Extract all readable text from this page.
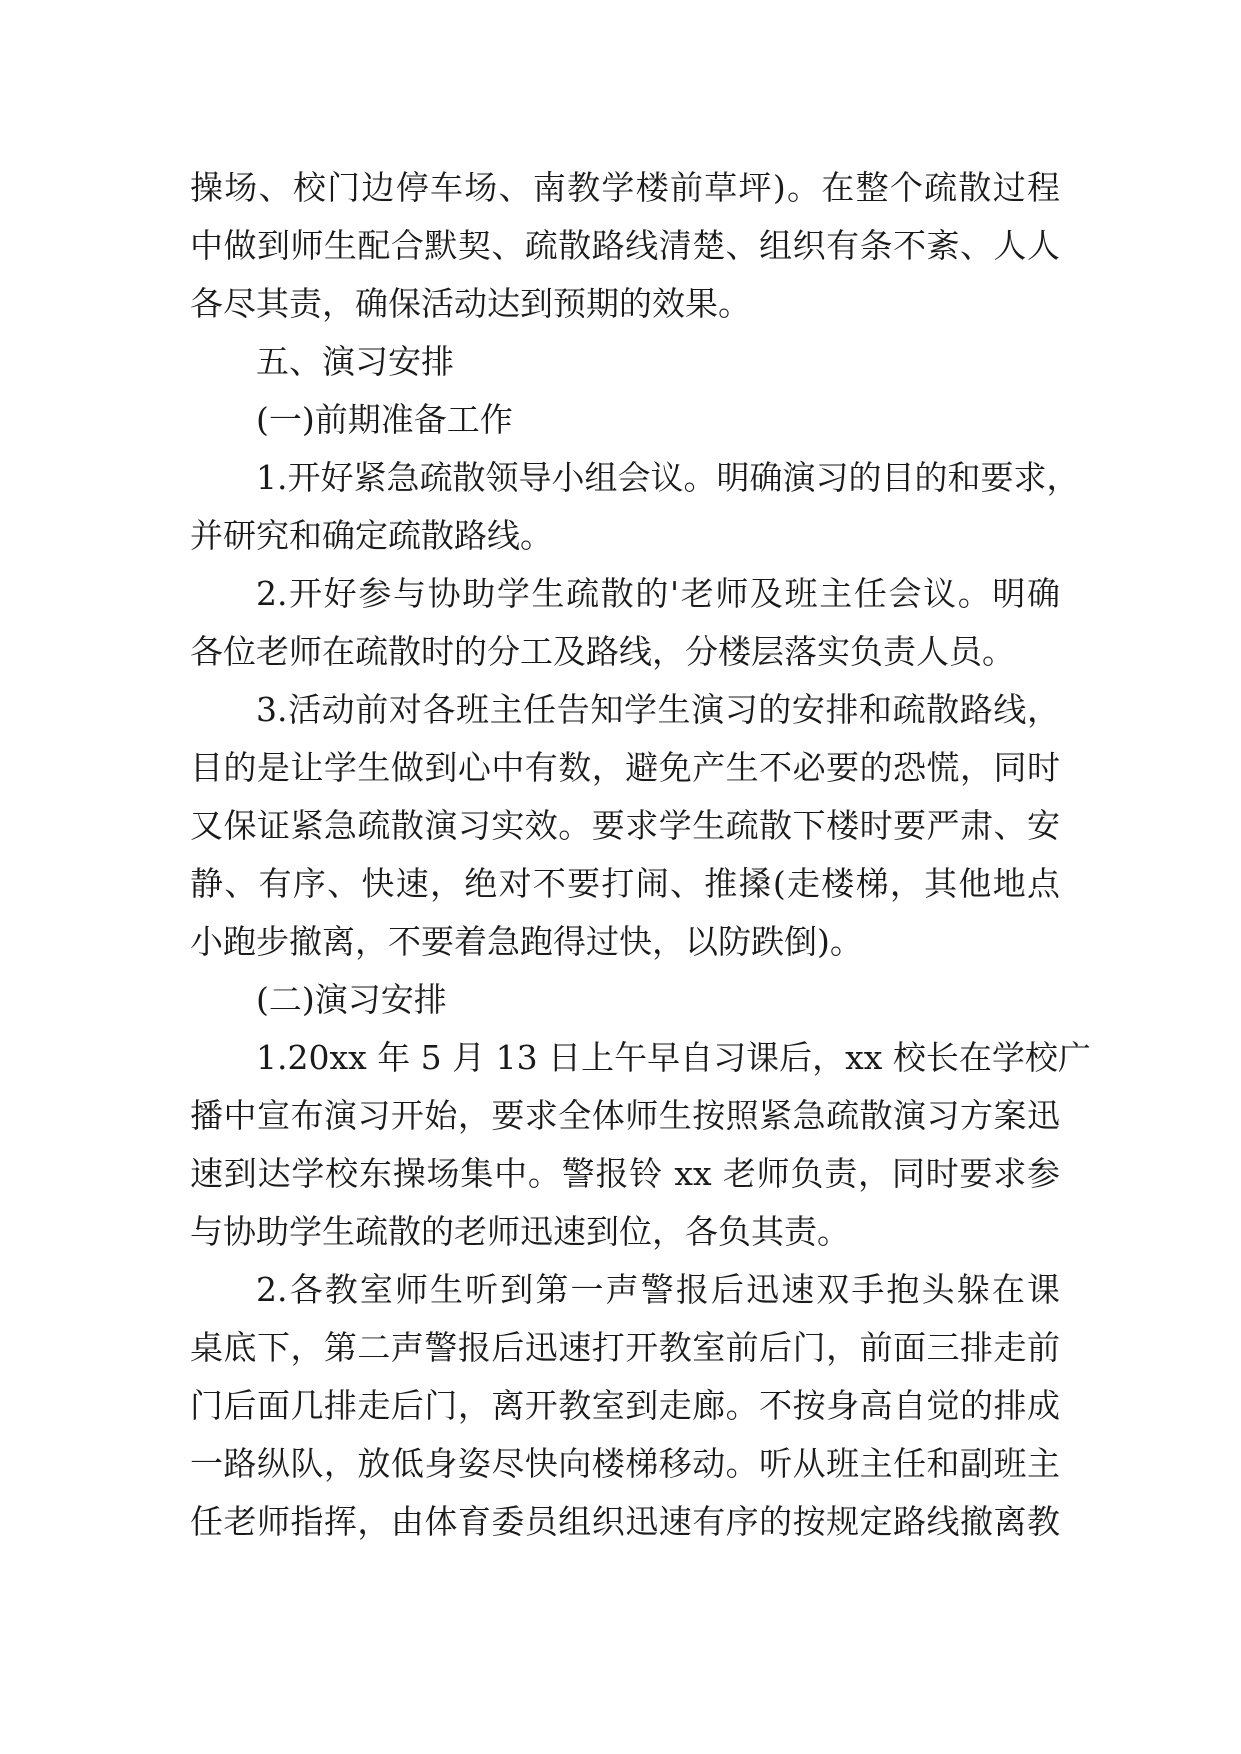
操场、校门边停车场、南教学楼前草坪)。在整个疏散过程
中做到师生配合默契、疏散路线清楚、组织有条不紊、人人
各尽其责，确保活动达到预期的效果。
五、演习安排
(一)前期准备工作
1.开好紧急疏散领导小组会议。明确演习的目的和要求，
并研究和确定疏散路线。
2.开好参与协助学生疏散的'老师及班主任会议。明确
各位老师在疏散时的分工及路线，分楼层落实负责人员。
3.活动前对各班主任告知学生演习的安排和疏散路线，
目的是让学生做到心中有数，避免产生不必要的恐慌，同时
又保证紧急疏散演习实效。要求学生疏散下楼时要严肃、安
静、有序、快速，绝对不要打闹、推搡(走楼梯，其他地点
小跑步撤离，不要着急跑得过快，以防跌倒)。
(二)演习安排
1.20xx 年 5 月 13 日上午早自习课后，xx 校长在学校广
播中宣布演习开始，要求全体师生按照紧急疏散演习方案迅
速到达学校东操场集中。警报铃 xx 老师负责，同时要求参
与协助学生疏散的老师迅速到位，各负其责。
2.各教室师生听到第一声警报后迅速双手抱头躲在课
桌底下，第二声警报后迅速打开教室前后门，前面三排走前
门后面几排走后门，离开教室到走廊。不按身高自觉的排成
一路纵队，放低身姿尽快向楼梯移动。听从班主任和副班主
任老师指挥，由体育委员组织迅速有序的按规定路线撤离教
